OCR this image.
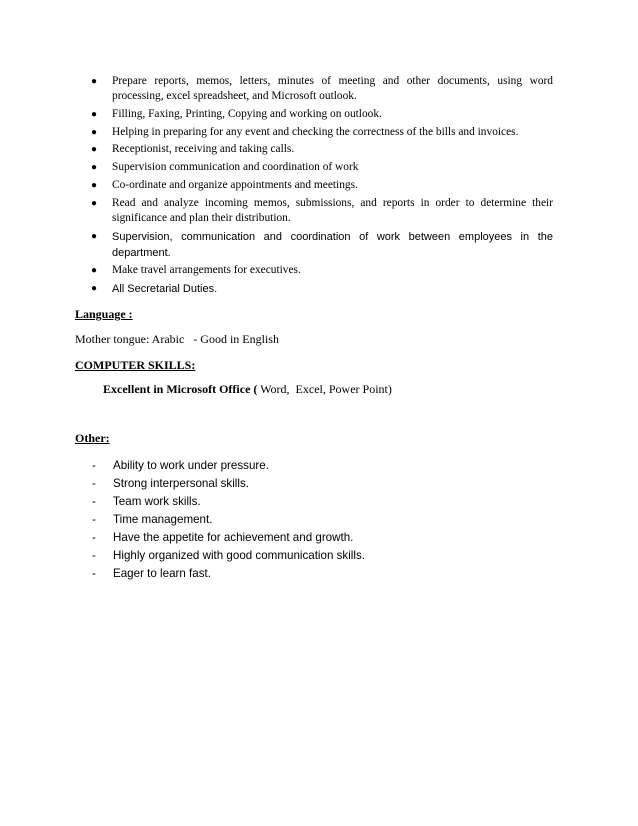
● Prepare reports, memos, letters, minutes of meeting and other documents, using word processing, excel spreadsheet, and Microsoft outlook.
● Filling, Faxing, Printing, Copying and working on outlook.
● Helping in preparing for any event and checking the correctness of the bills and invoices.
● Receptionist, receiving and taking calls.
● Supervision communication and coordination of work
● Co-ordinate and organize appointments and meetings.
● Read and analyze incoming memos, submissions, and reports in order to determine their significance and plan their distribution.
● Supervision, communication and coordination of work between employees in the department.
● Make travel arrangements for executives.
● All Secretarial Duties.
Language :
Mother tongue: Arabic   - Good in English
COMPUTER SKILLS:
Excellent in Microsoft Office ( Word,  Excel, Power Point)
Other:
- Ability to work under pressure.
- Strong interpersonal skills.
- Team work skills.
- Time management.
- Have the appetite for achievement and growth.
- Highly organized with good communication skills.
- Eager to learn fast.
